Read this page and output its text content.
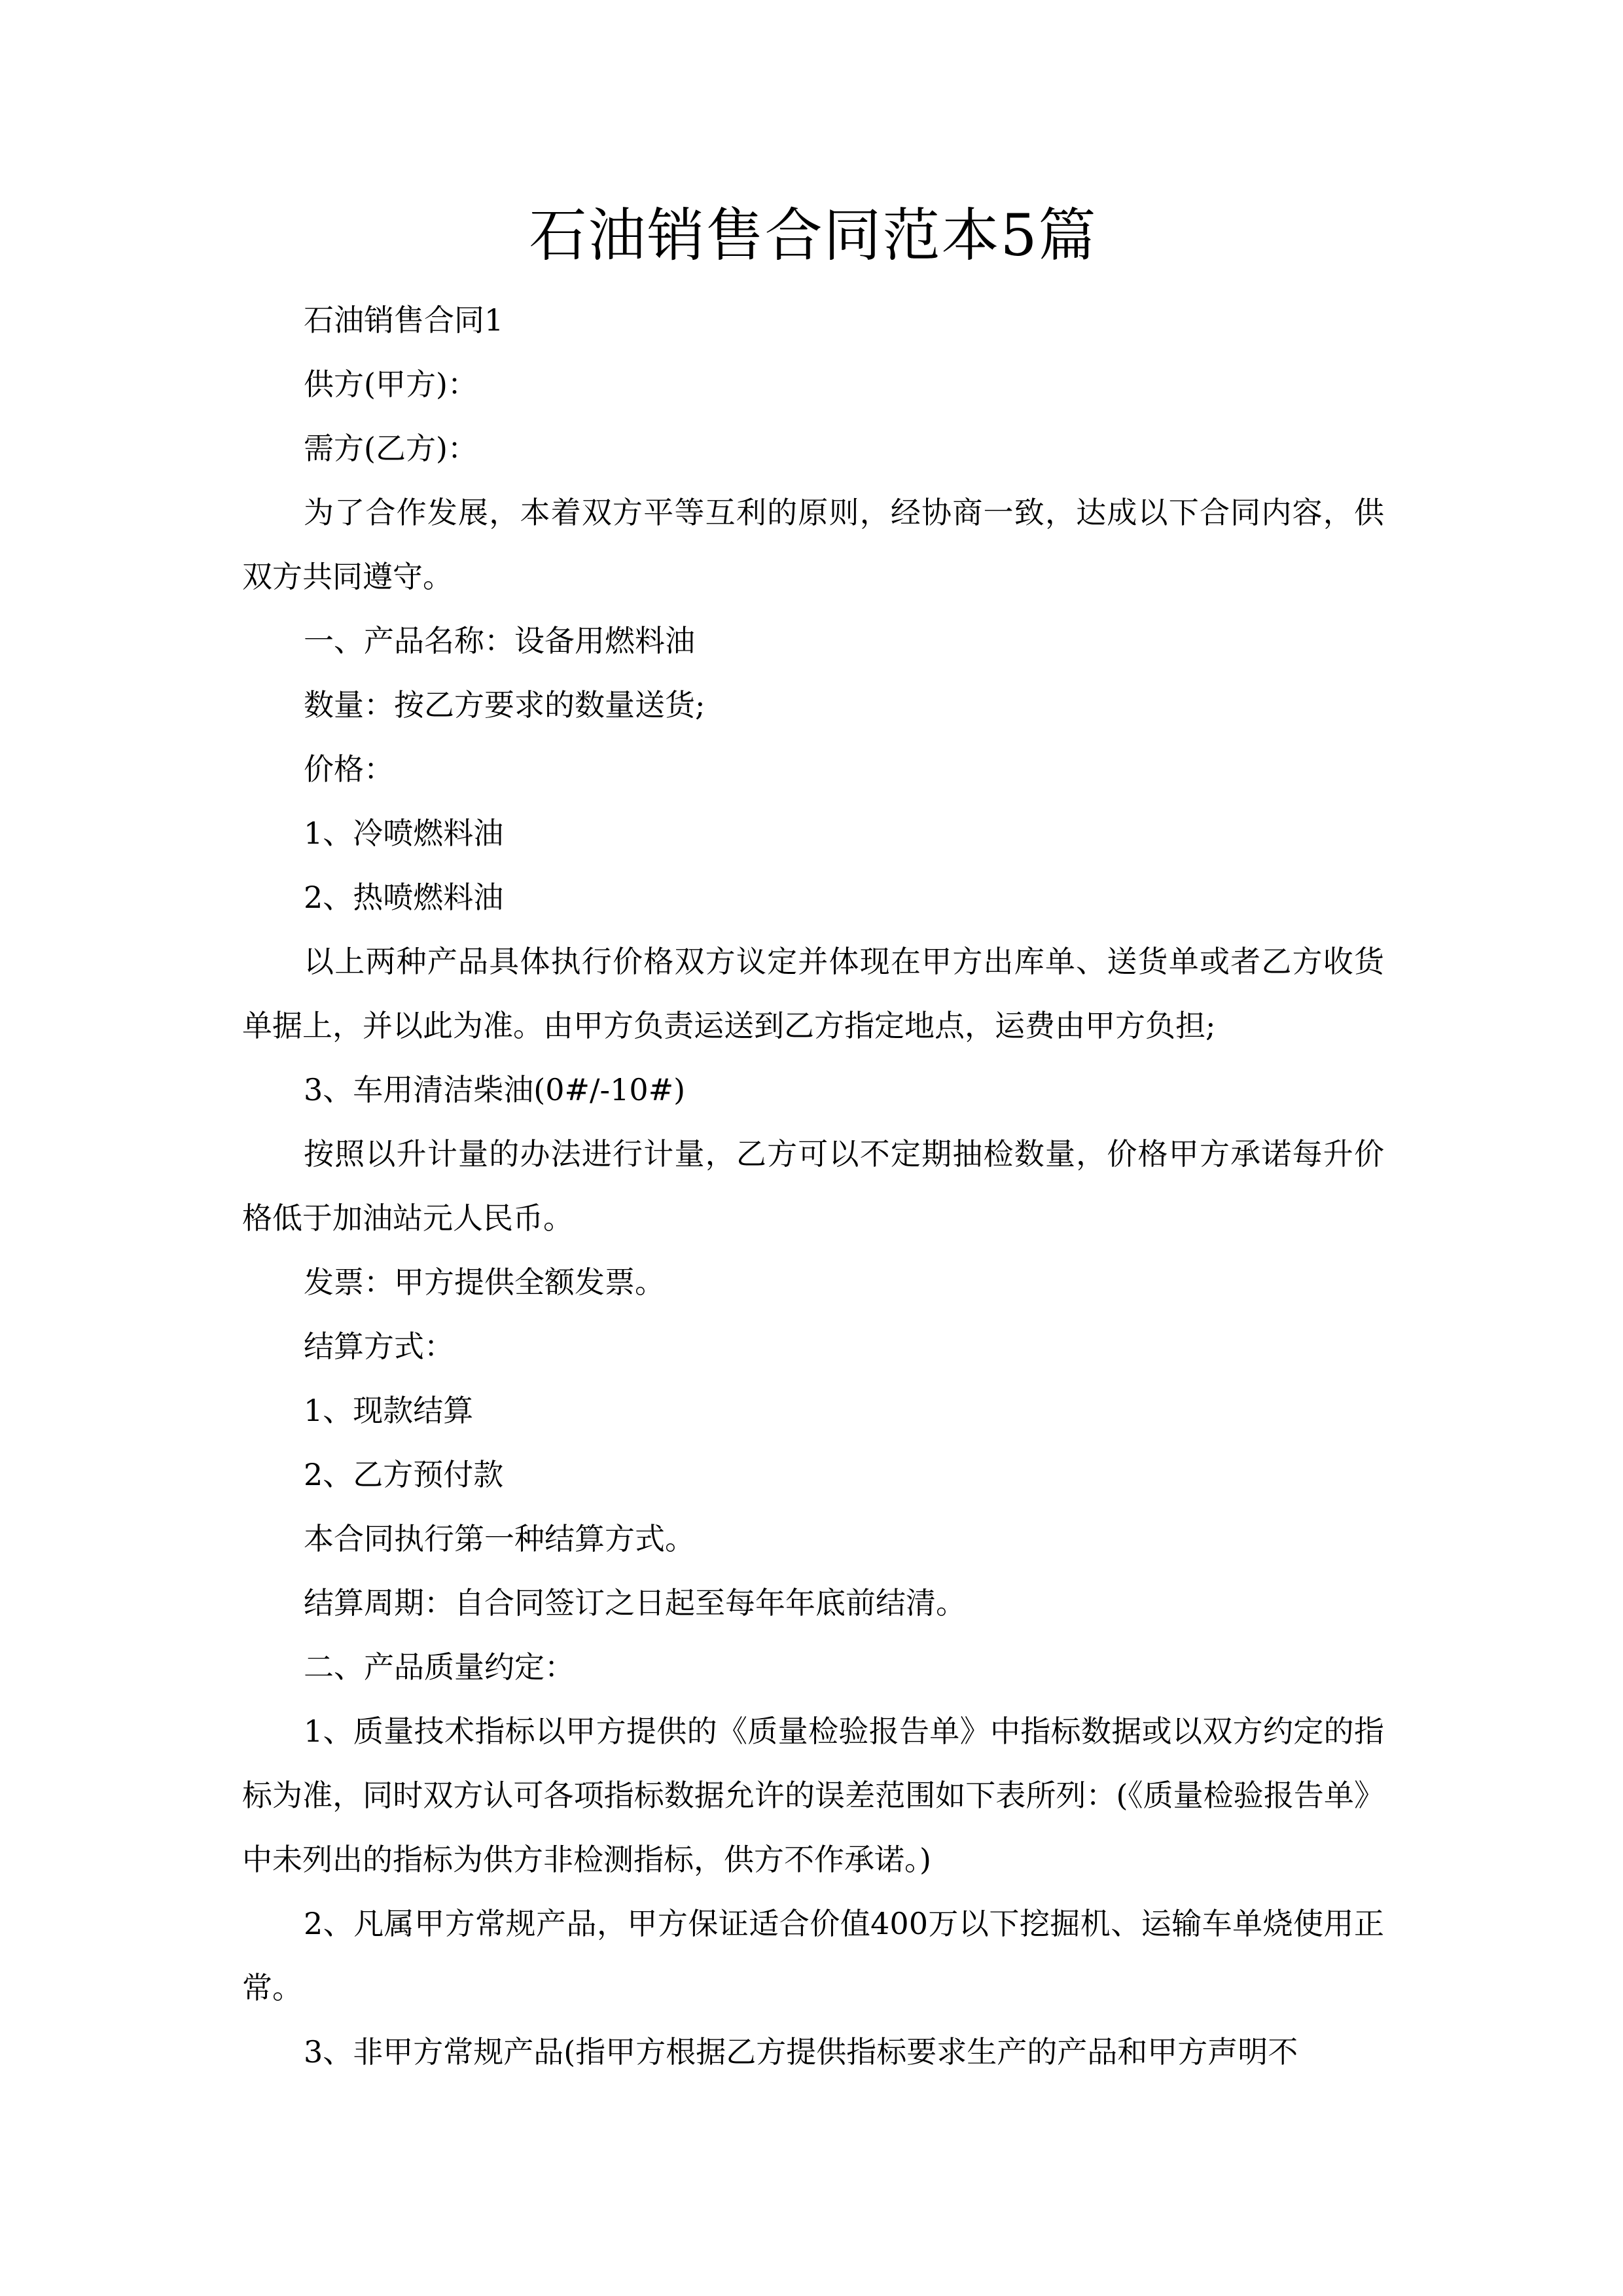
石油销售合同范本5篇

石油销售合同1

供方(甲方)：

需方(乙方)：

为了合作发展，本着双方平等互利的原则，经协商一致，达成以下合同内容，供双方共同遵守。

一、产品名称：设备用燃料油

数量：按乙方要求的数量送货;

价格：

1、冷喷燃料油

2、热喷燃料油

以上两种产品具体执行价格双方议定并体现在甲方出库单、送货单或者乙方收货单据上，并以此为准。由甲方负责运送到乙方指定地点，运费由甲方负担;

3、车用清洁柴油(0#/-10#)

按照以升计量的办法进行计量，乙方可以不定期抽检数量，价格甲方承诺每升价格低于加油站元人民币。

发票：甲方提供全额发票。

结算方式：

1、现款结算

2、乙方预付款

本合同执行第一种结算方式。

结算周期：自合同签订之日起至每年年底前结清。

二、产品质量约定：

1、质量技术指标以甲方提供的《质量检验报告单》中指标数据或以双方约定的指标为准，同时双方认可各项指标数据允许的误差范围如下表所列：(《质量检验报告单》中未列出的指标为供方非检测指标，供方不作承诺。)

2、凡属甲方常规产品，甲方保证适合价值400万以下挖掘机、运输车单烧使用正常。

3、非甲方常规产品(指甲方根据乙方提供指标要求生产的产品和甲方声明不
